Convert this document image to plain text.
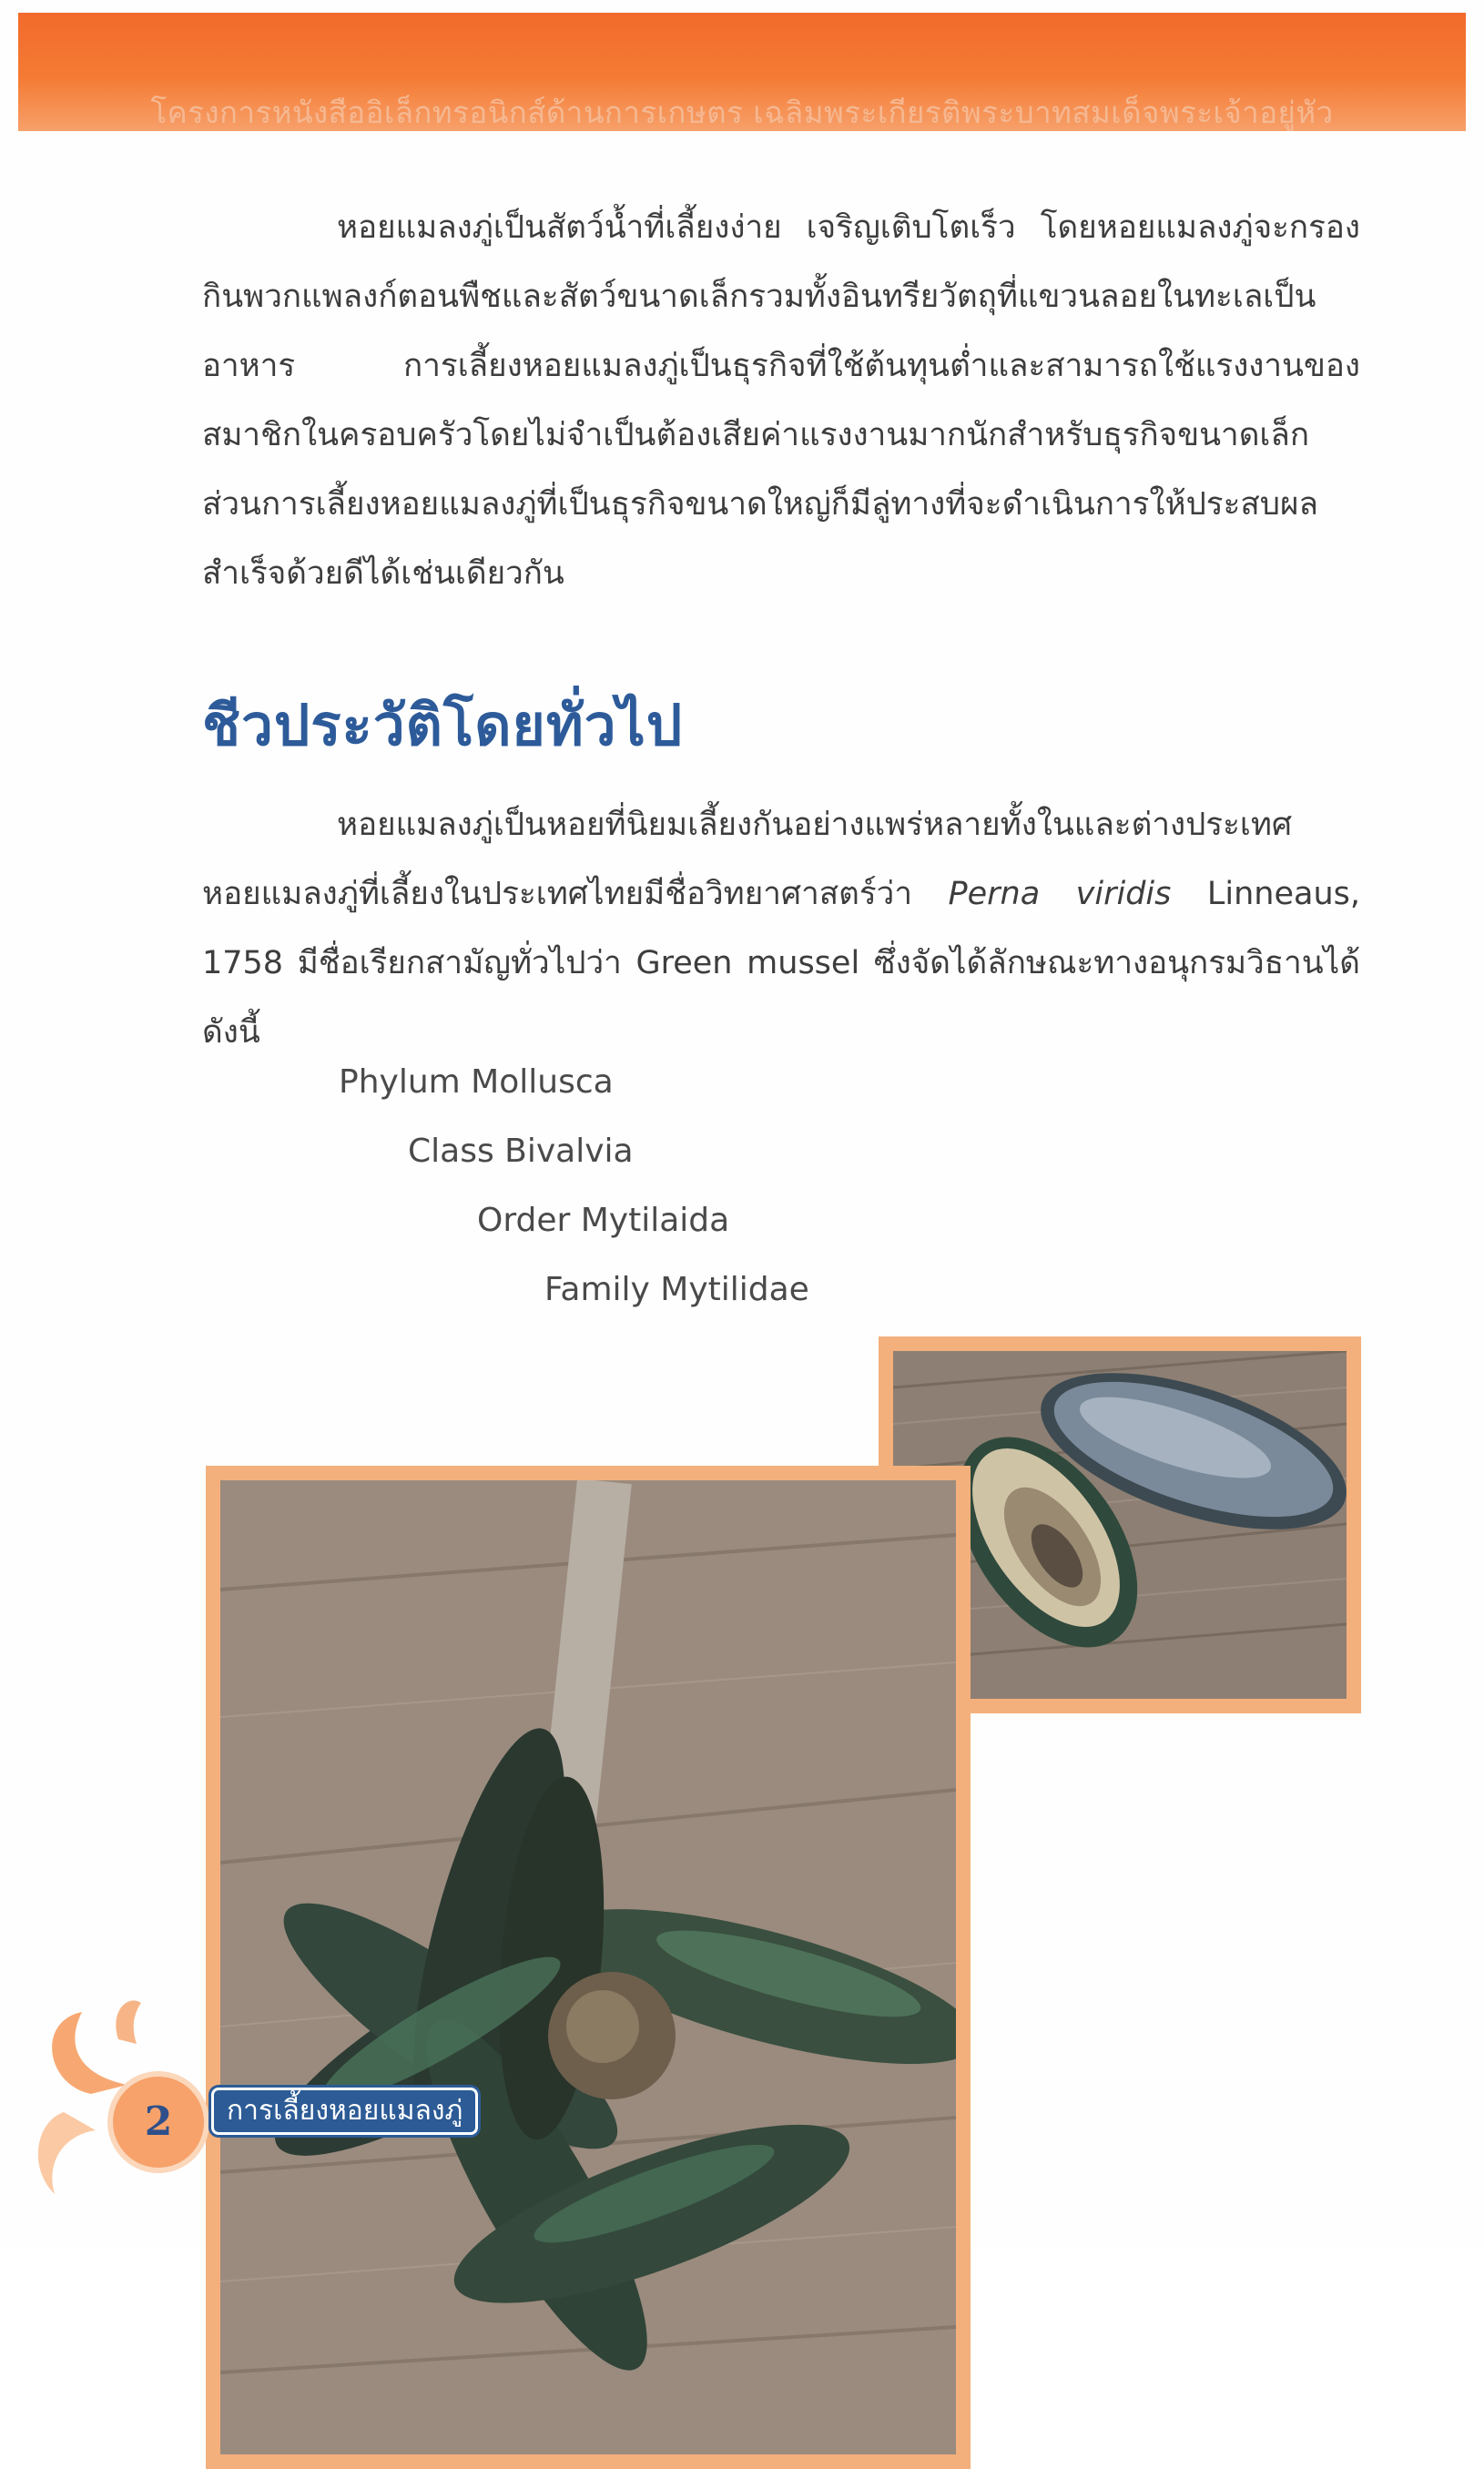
โครงการหนังสืออิเล็กทรอนิกส์ด้านการเกษตร เฉลิมพระเกียรติพระบาทสมเด็จพระเจ้าอยู่หัว
หอยแมลงภู่เป็นสัตว์น้ำที่เลี้ยงง่าย เจริญเติบโตเร็ว โดยหอยแมลงภู่จะกรองกินพวกแพลงก์ตอนพืชและสัตว์ขนาดเล็กรวมทั้งอินทรียวัตถุที่แขวนลอยในทะเลเป็นอาหาร การเลี้ยงหอยแมลงภู่เป็นธุรกิจที่ใช้ต้นทุนต่ำและสามารถใช้แรงงานของสมาชิกในครอบครัวโดยไม่จำเป็นต้องเสียค่าแรงงานมากนักสำหรับธุรกิจขนาดเล็ก ส่วนการเลี้ยงหอยแมลงภู่ที่เป็นธุรกิจขนาดใหญ่ก็มีลู่ทางที่จะดำเนินการให้ประสบผลสำเร็จด้วยดีได้เช่นเดียวกัน
ชีวประวัติโดยทั่วไป
หอยแมลงภู่เป็นหอยที่นิยมเลี้ยงกันอย่างแพร่หลายทั้งในและต่างประเทศ หอยแมลงภู่ที่เลี้ยงในประเทศไทยมีชื่อวิทยาศาสตร์ว่า Perna viridis Linneaus, 1758 มีชื่อเรียกสามัญทั่วไปว่า Green mussel ซึ่งจัดได้ลักษณะทางอนุกรมวิธานได้ดังนี้
Phylum Mollusca
Class Bivalvia
Order Mytilaida
Family Mytilidae
2	การเลี้ยงหอยแมลงภู่
